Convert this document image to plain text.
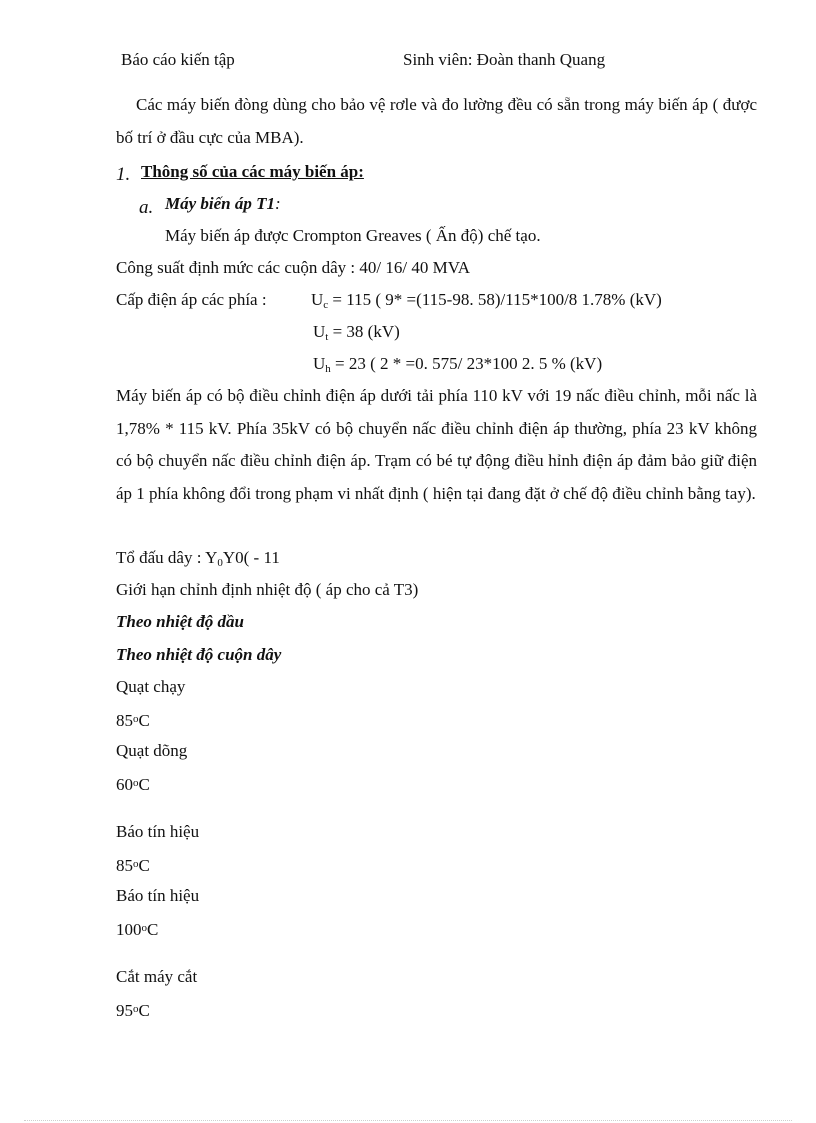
Báo cáo kiến tập	Sinh viên: Đoàn thanh Quang
Các máy biến đòng dùng cho bảo vệ rơle và đo lường đều có sẵn trong máy biến áp ( được bố trí ở đầu cực của MBA).
1. Thông số của các máy biến áp:
a. Máy biến áp T1:
Máy biến áp được Crompton Greaves ( Ấn độ) chế tạo.
Công suất định mức các cuộn dây : 40/ 16/ 40 MVA
Cấp điện áp các phía :	$U_c = 115$ ( 9* =(115-98. 58)/115*100/8 1.78% (kV)
$U_t = 38$ (kV)
$U_h = 23$ ( 2 * =0. 575/ 23*100 2. 5 % (kV)
Máy biến áp có bộ điều chỉnh điện áp dưới tải phía 110 kV với 19 nấc điều chỉnh, mỗi nấc là 1,78% * 115 kV. Phía 35kV có bộ chuyển nấc điều chỉnh điện áp thường, phía 23 kV không có bộ chuyển nấc điều chỉnh điện áp. Trạm có bé tự động điều hỉnh điện áp đảm bảo giữ điện áp 1 phía không đổi trong phạm vi nhất định ( hiện tại đang đặt ở chế độ điều chỉnh bằng tay).
Tổ đấu dây : $Y_0Y0( - 11$
Giới hạn chỉnh định nhiệt độ ( áp cho cả T3)
Theo nhiệt độ dầu
Theo nhiệt độ cuộn dây
Quạt chạy
85$^o$C
Quạt dõng
60$^o$C
Báo tín hiệu
85$^o$C
Báo tín hiệu
100$^o$C
Cắt máy cắt
95$^o$C
